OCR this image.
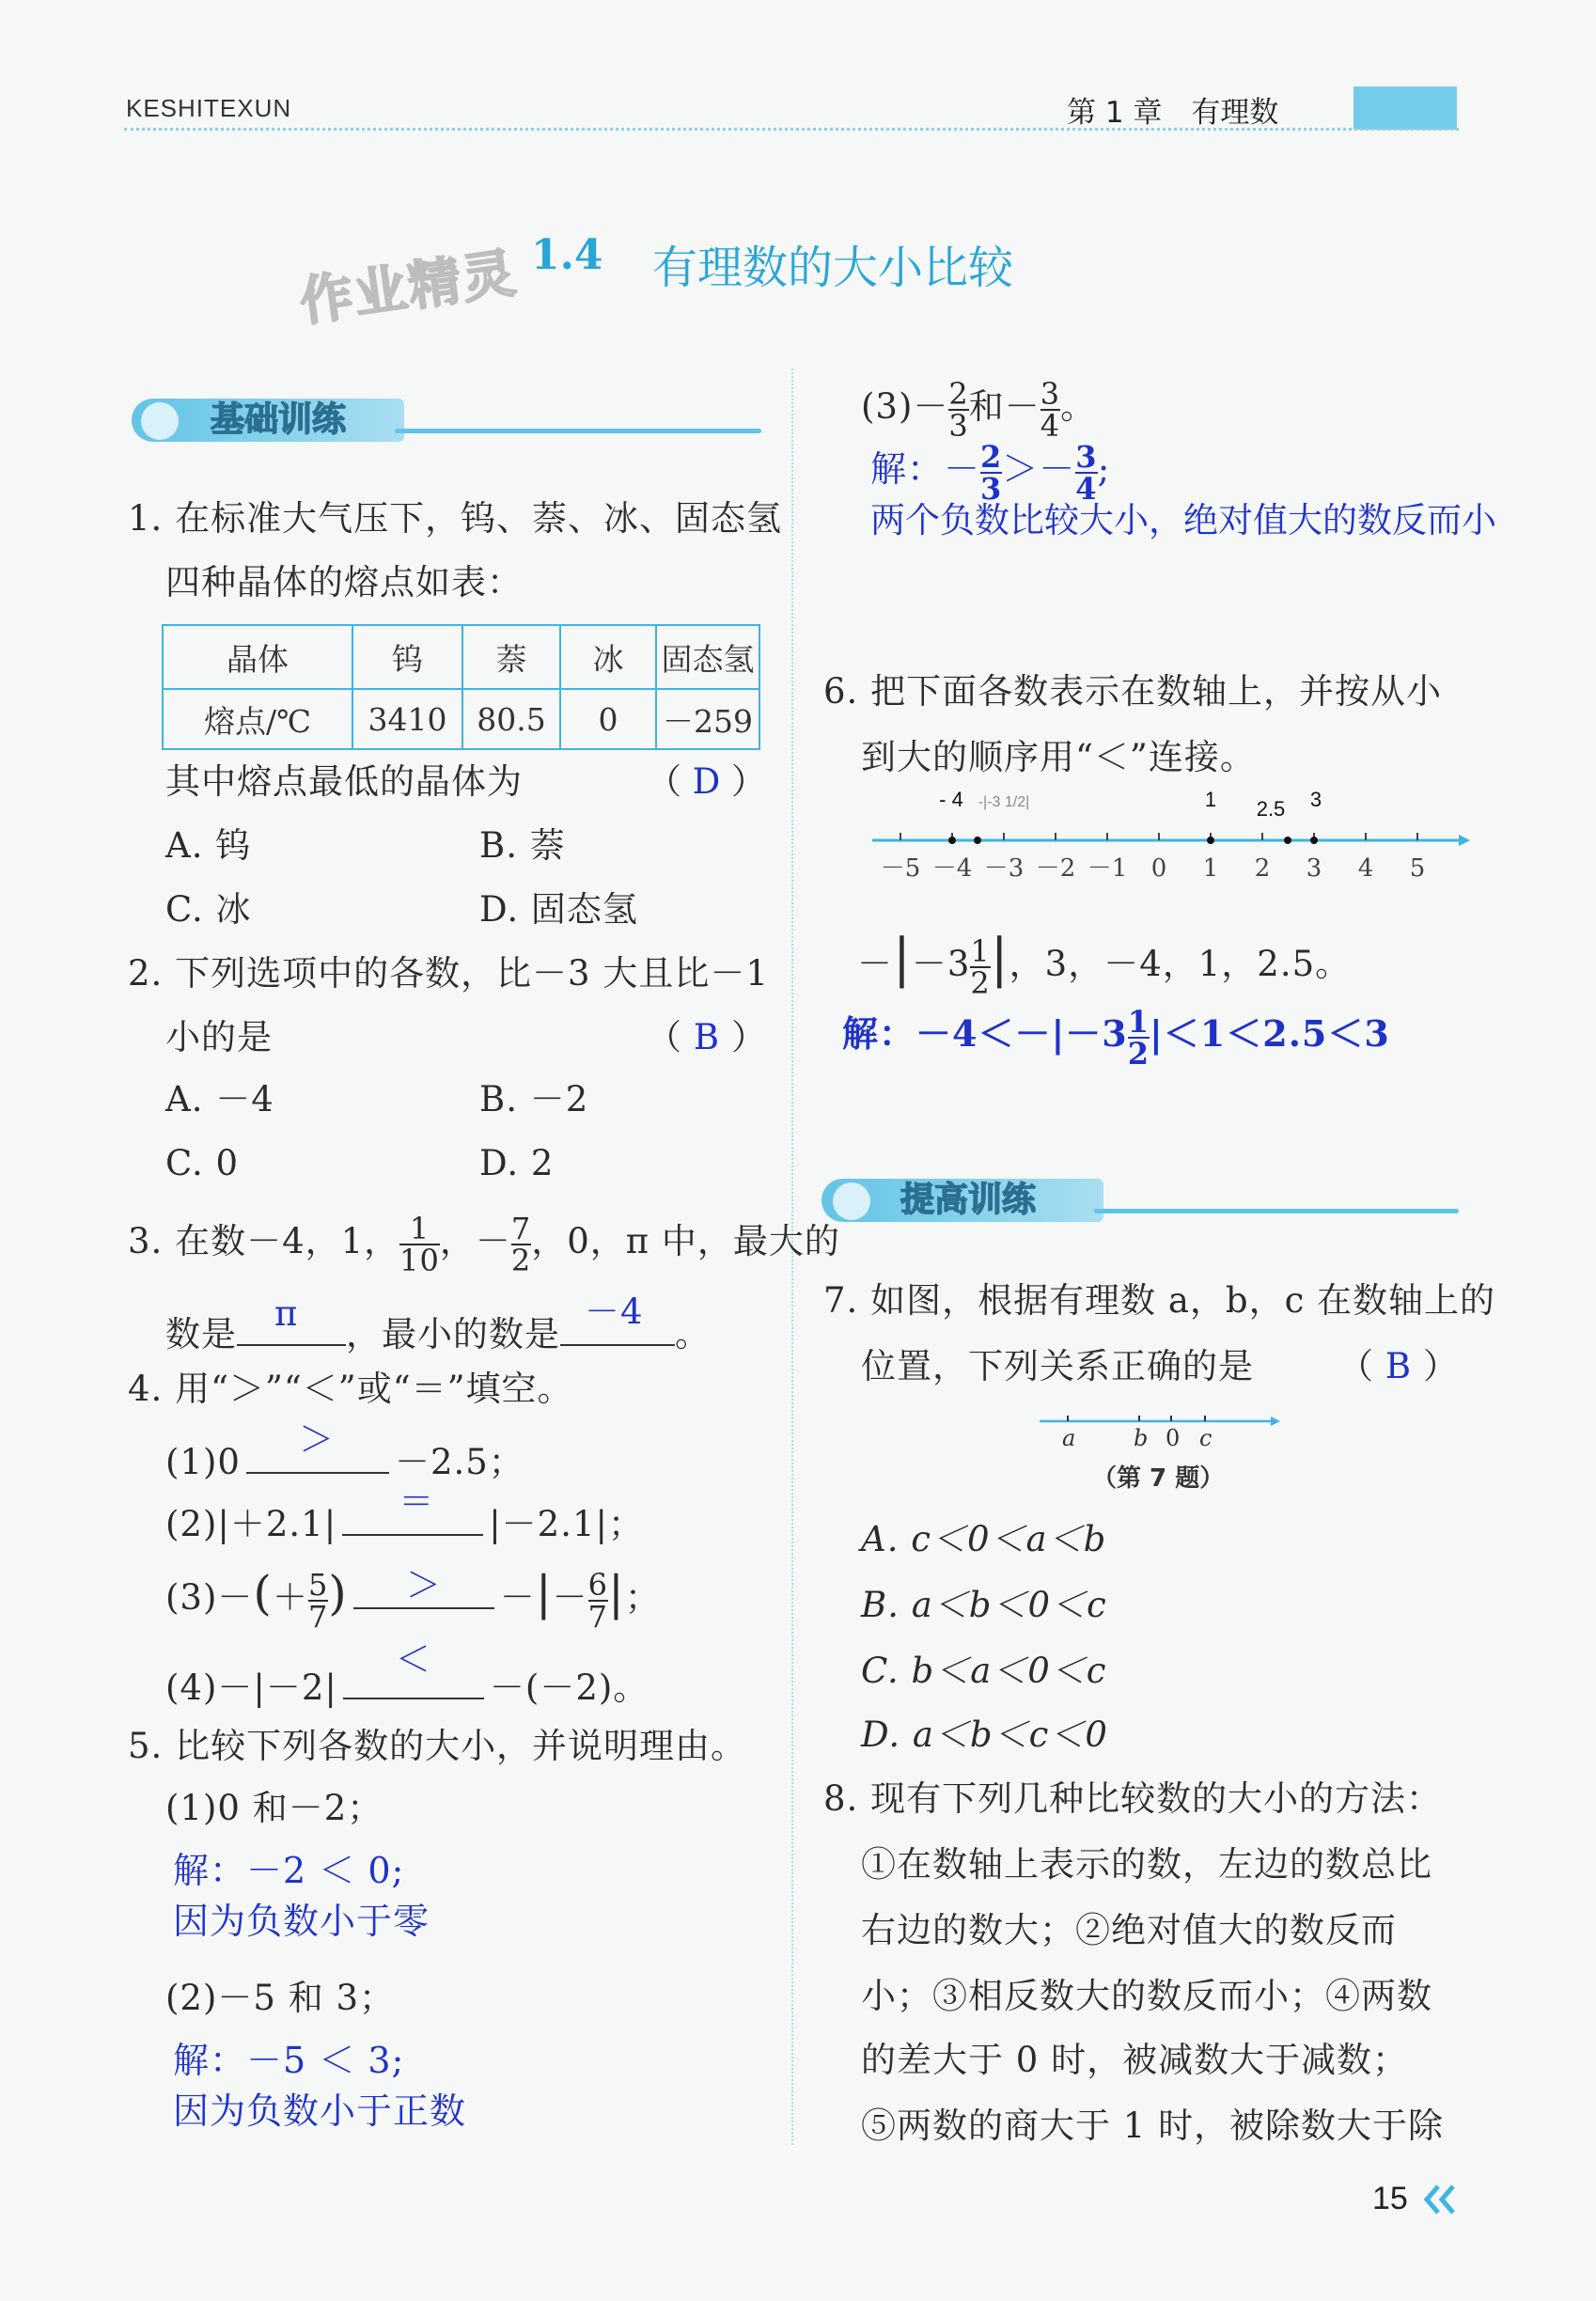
KESHITEXUN	第 1 章　有理数
作业精灵 1.4 有理数的大小比较
基础训练
1. 在标准大气压下，钨、萘、冰、固态氢
四种晶体的熔点如表：
晶体	钨	萘	冰	固态氢
熔点/℃	3410	80.5	0	－259
其中熔点最低的晶体为	（ D ）
A. 钨	B. 萘
C. 冰	D. 固态氢
2. 下列选项中的各数，比－3 大且比－1
小的是	（ B ）
A. －4	B. －2
C. 0	D. 2
3. 在数－4，1， $\frac{1}{10}$ ，－ $\frac{7}{2}$ ，0，π 中，最大的
数是
π
，最小的数是
－4
。
4. 用“＞”“＜”或“＝”填空。
(1)0
＞
－2.5；
(2)|＋2.1|
＝
|－2.1|；
$(3)-(+ \frac{5}{7}$ ) ＞ －|－ $\frac{6}{7}$ |；
(4)－|－2|
＜
－(－2)。
5. 比较下列各数的大小，并说明理由。
(1)0 和－2；
解：－2 ＜ 0;
因为负数小于零
(2)－5 和 3；
解：－5 ＜ 3;
因为负数小于正数
$(3)- \frac{2}{3}$ 和－ $\frac{3}{4}$ 。
解：－ $\frac{2}{3} >- \frac{3}{4}$ ;
两个负数比较大小，绝对值大的数反而小
6. 把下面各数表示在数轴上，并按从小
到大的顺序用“＜”连接。
－5 －4 －3 －2 －1 0 1 2 3 4 5
- 4 -|-3 1/2|	1 2.5 3
$-|-3 \frac{1}{2}$ |，3，－4，1，2.5。
解：$-4<-|-3 \frac{1}{2} |<1<2.5<3$
提高训练
7. 如图，根据有理数 a，b，c 在数轴上的
位置，下列关系正确的是 （ B ）
a	b 0 c
（第 7 题）
A. c＜0＜a＜b
B. a＜b＜0＜c
C. b＜a＜0＜c
D. a＜b＜c＜0
8. 现有下列几种比较数的大小的方法：
①在数轴上表示的数，左边的数总比
右边的数大；②绝对值大的数反而
小；③相反数大的数反而小；④两数
的差大于 0 时，被减数大于减数；
⑤两数的商大于 1 时，被除数大于除
15
